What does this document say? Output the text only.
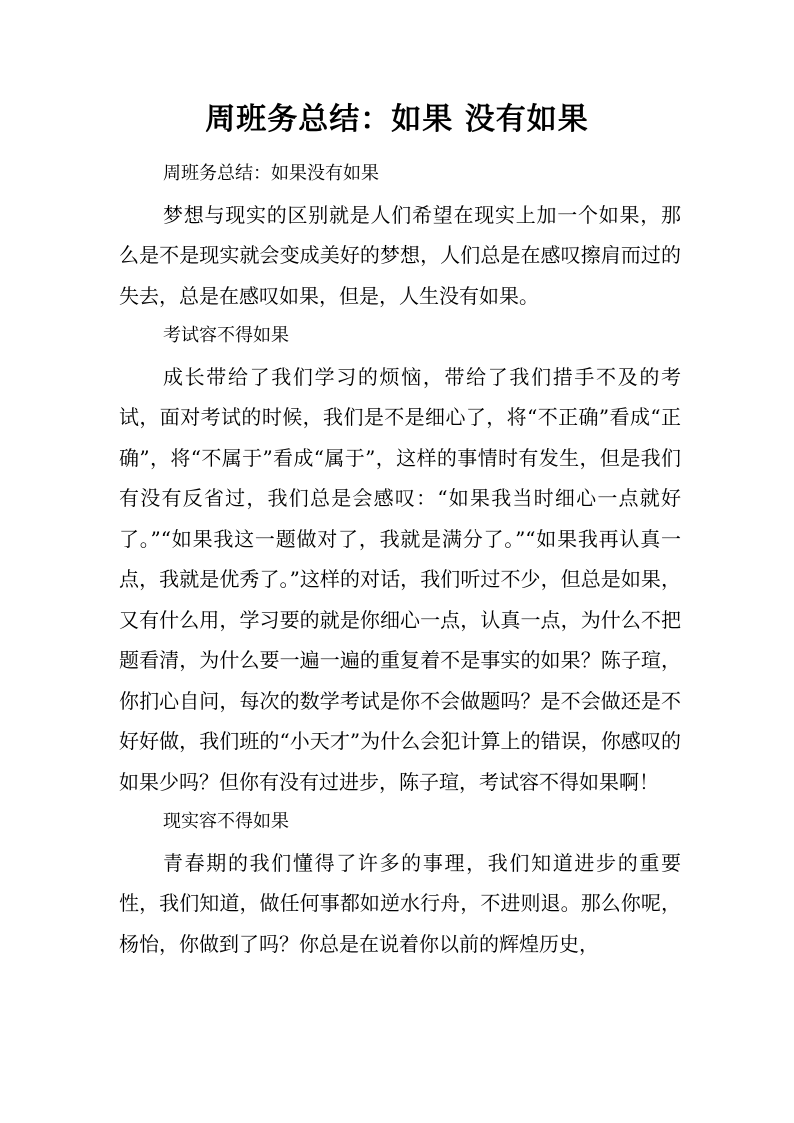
周班务总结：如果 没有如果

周班务总结：如果没有如果

梦想与现实的区别就是人们希望在现实上加一个如果，那么是不是现实就会变成美好的梦想，人们总是在感叹擦肩而过的失去，总是在感叹如果，但是，人生没有如果。

考试容不得如果

成长带给了我们学习的烦恼，带给了我们措手不及的考试，面对考试的时候，我们是不是细心了，将“不正确”看成“正确”，将“不属于”看成“属于”，这样的事情时有发生，但是我们有没有反省过，我们总是会感叹：“如果我当时细心一点就好了。”“如果我这一题做对了，我就是满分了。”“如果我再认真一点，我就是优秀了。”这样的对话，我们听过不少，但总是如果，又有什么用，学习要的就是你细心一点，认真一点，为什么不把题看清，为什么要一遍一遍的重复着不是事实的如果？陈子瑄，你扪心自问，每次的数学考试是你不会做题吗？是不会做还是不好好做，我们班的“小天才”为什么会犯计算上的错误，你感叹的如果少吗？但你有没有过进步，陈子瑄，考试容不得如果啊！

现实容不得如果

青春期的我们懂得了许多的事理，我们知道进步的重要性，我们知道，做任何事都如逆水行舟，不进则退。那么你呢，杨怡，你做到了吗？你总是在说着你以前的辉煌历史，
